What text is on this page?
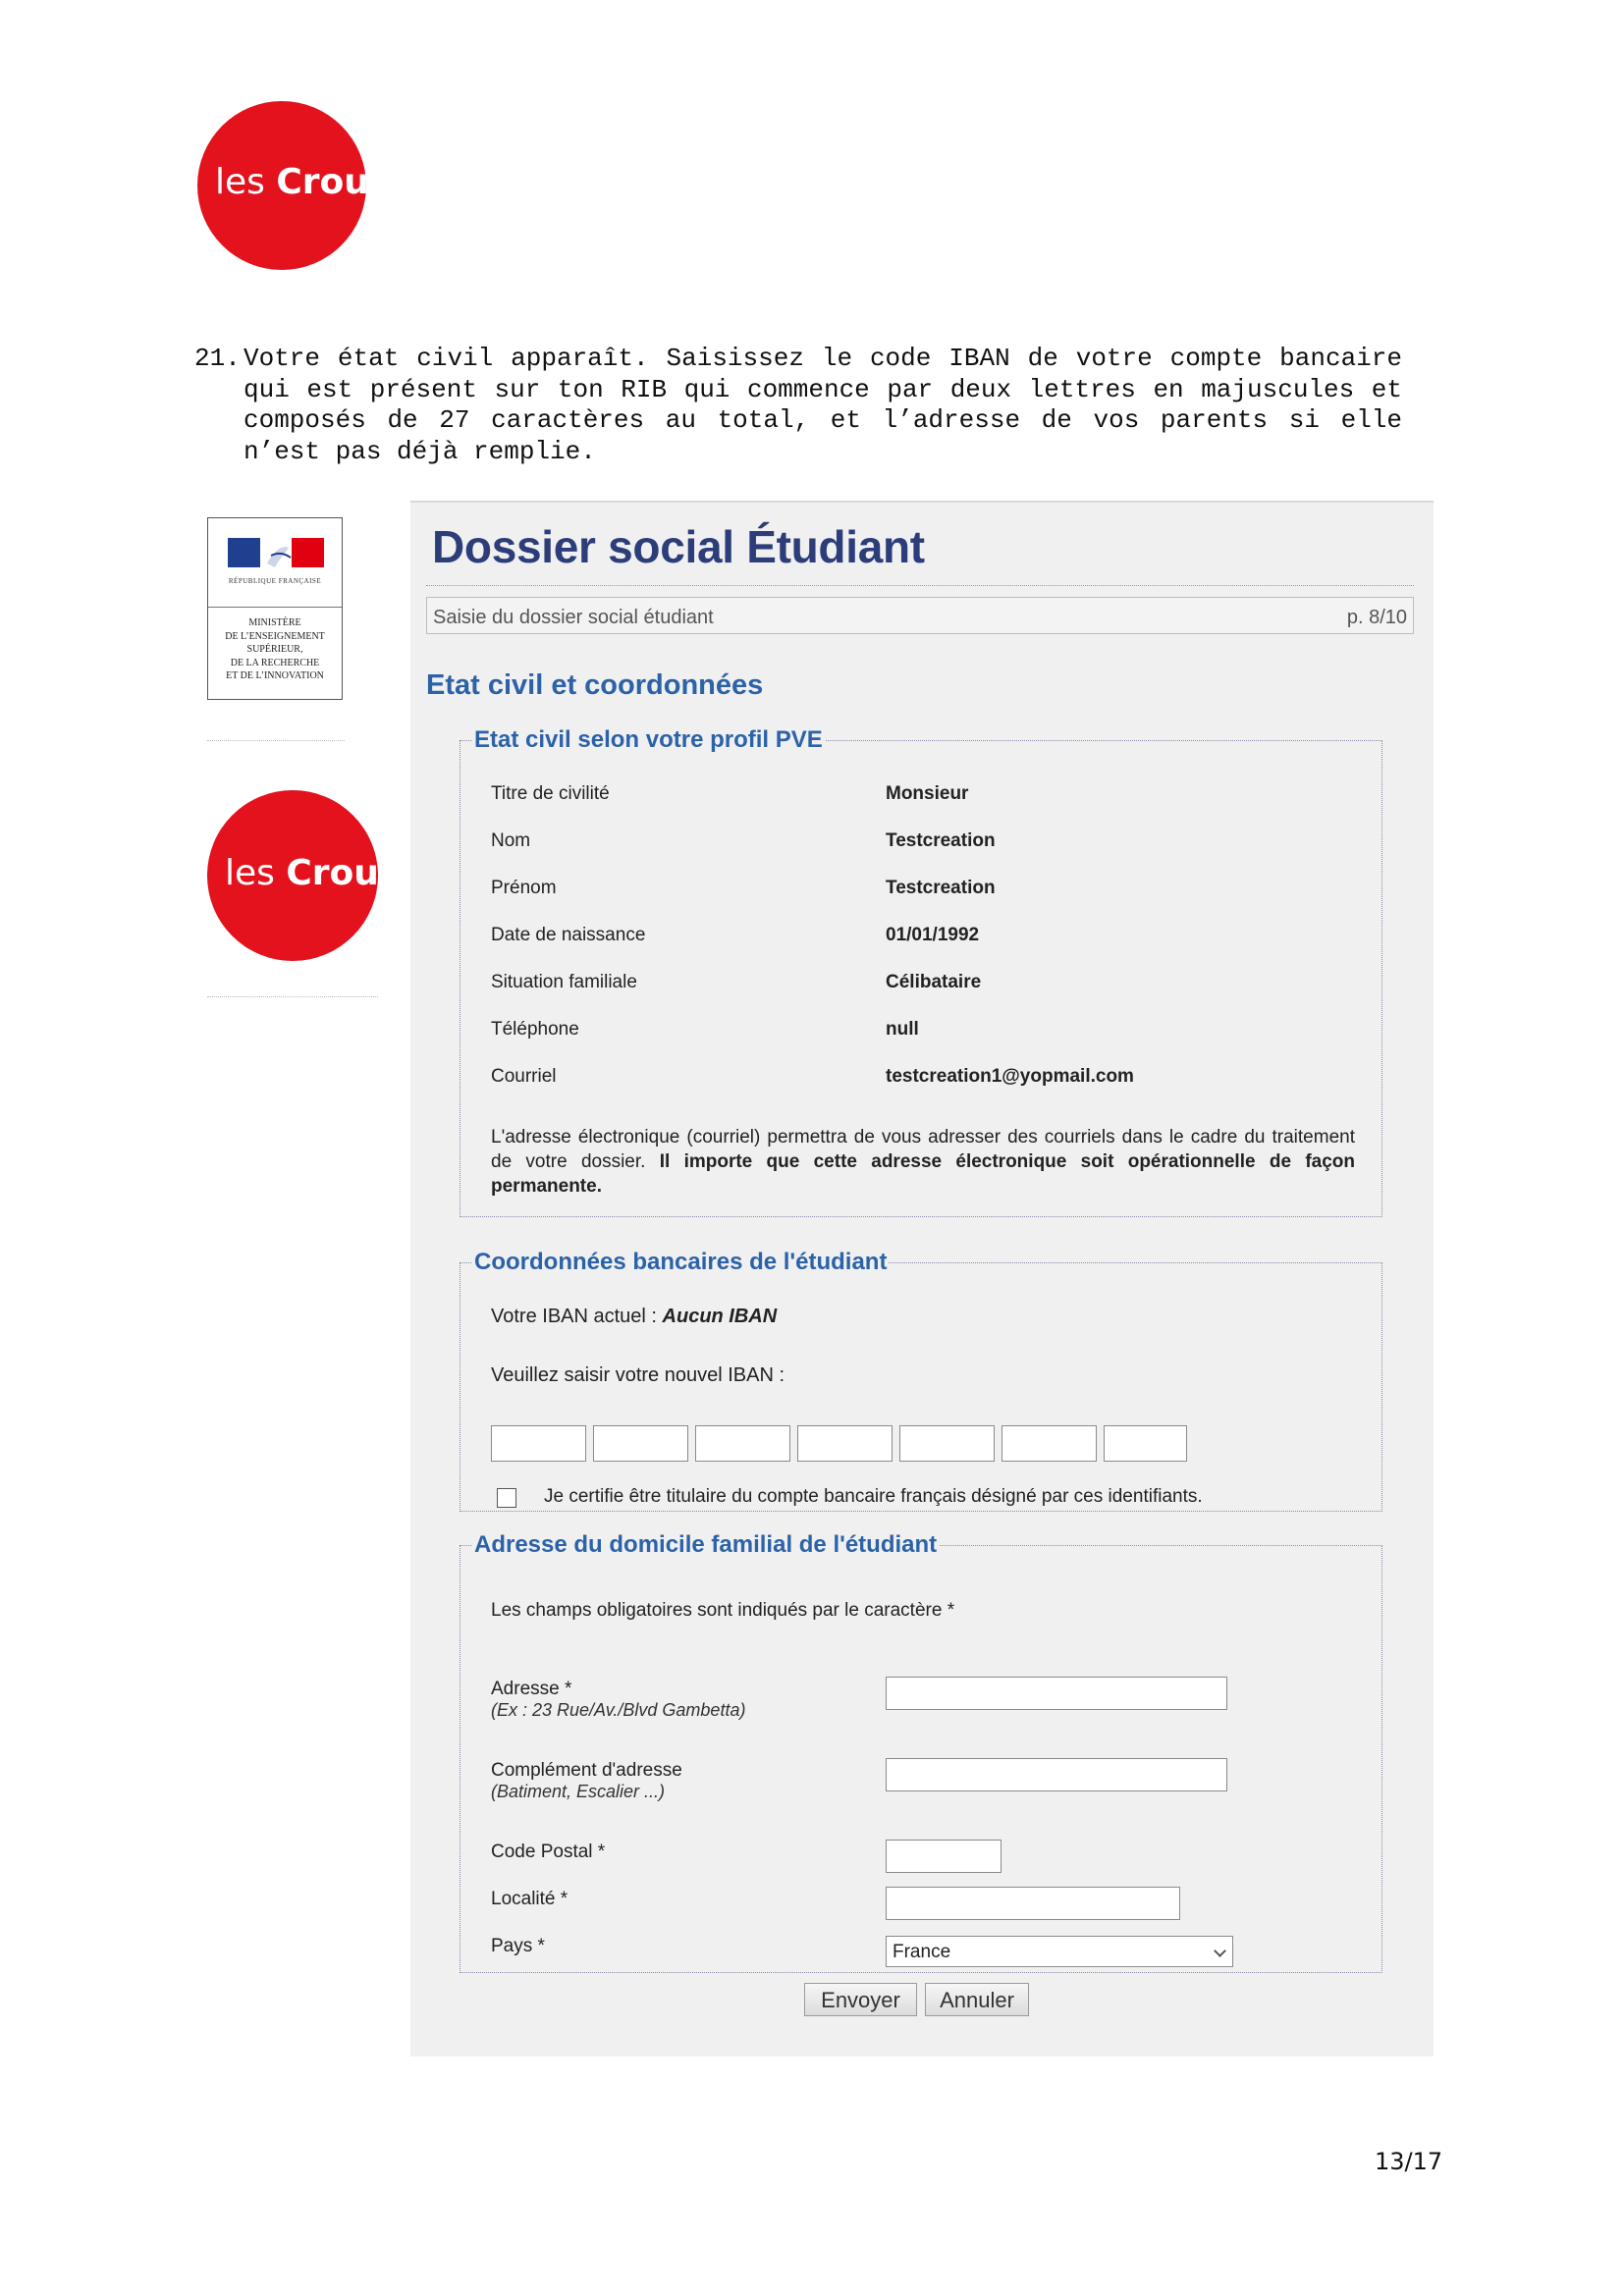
les Crous
21. Votre état civil apparaît. Saisissez le code IBAN de votre compte bancaire qui est présent sur ton RIB qui commence par deux lettres en majuscules et composés de 27 caractères au total, et l’adresse de vos parents si elle n’est pas déjà remplie.
RÉPUBLIQUE FRANÇAISE
MINISTÈRE
DE L’ENSEIGNEMENT
SUPÉRIEUR,
DE LA RECHERCHE
ET DE L’INNOVATION
les Crous
Dossier social Étudiant
Saisie du dossier social étudiant	p. 8/10
Etat civil et coordonnées
Etat civil selon votre profil PVE
Titre de civilité	Monsieur
Nom	Testcreation
Prénom	Testcreation
Date de naissance	01/01/1992
Situation familiale	Célibataire
Téléphone	null
Courriel	testcreation1@yopmail.com
L'adresse électronique (courriel) permettra de vous adresser des courriels dans le cadre du traitement de votre dossier. Il importe que cette adresse électronique soit opérationnelle de façon permanente.
Coordonnées bancaires de l'étudiant
Votre IBAN actuel : Aucun IBAN
Veuillez saisir votre nouvel IBAN :
Je certifie être titulaire du compte bancaire français désigné par ces identifiants.
Adresse du domicile familial de l'étudiant
Les champs obligatoires sont indiqués par le caractère *
Adresse *
(Ex : 23 Rue/Av./Blvd Gambetta)
Complément d'adresse
(Batiment, Escalier ...)
Code Postal *
Localité *
Pays *	France
Envoyer	Annuler
13/17
